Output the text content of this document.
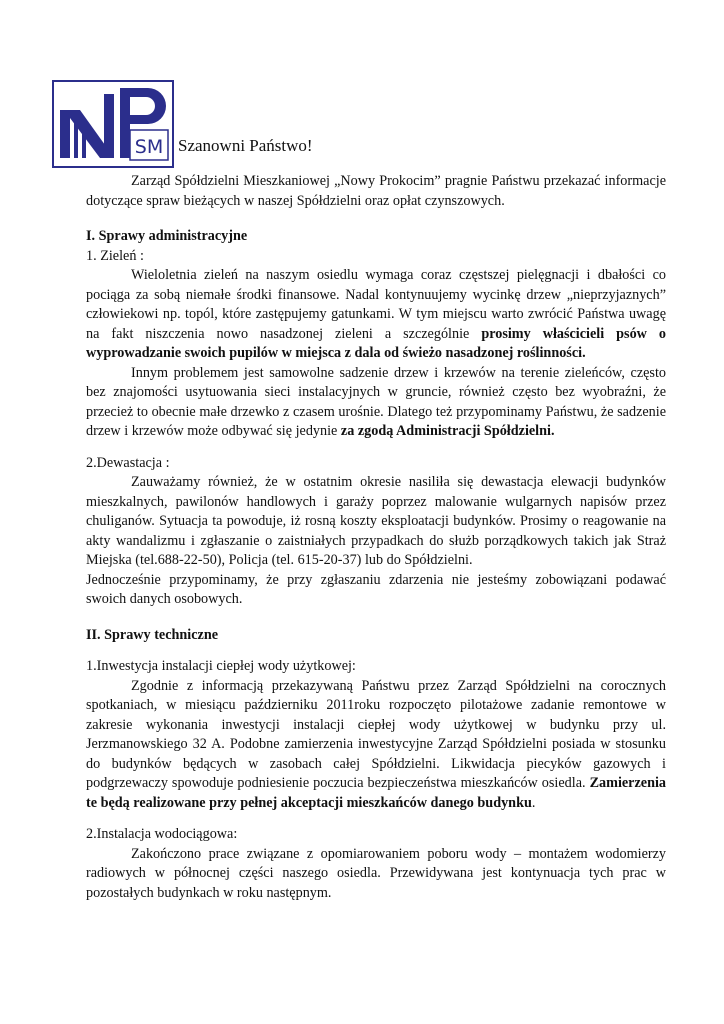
SM Szanowni Państwo!

Zarząd Spółdzielni Mieszkaniowej „Nowy Prokocim” pragnie Państwu przekazać informacje dotyczące spraw bieżących w naszej Spółdzielni oraz opłat czynszowych.

I. Sprawy administracyjne

1. Zieleń :

Wieloletnia zieleń na naszym osiedlu wymaga coraz częstszej pielęgnacji i dbałości co pociąga za sobą niemałe środki finansowe. Nadal kontynuujemy wycinkę drzew „nieprzyjaznych” człowiekowi np. topól, które zastępujemy gatunkami. W tym miejscu warto zwrócić Państwa uwagę na fakt niszczenia nowo nasadzonej zieleni a szczególnie prosimy właścicieli psów o wyprowadzanie swoich pupilów w miejsca z dala od świeżo nasadzonej roślinności.

Innym problemem jest samowolne sadzenie drzew i krzewów na terenie zieleńców, często bez znajomości usytuowania sieci instalacyjnych w gruncie, również często bez wyobraźni, że przecież to obecnie małe drzewko z czasem urośnie. Dlatego też przypominamy Państwu, że sadzenie drzew i krzewów może odbywać się jedynie za zgodą Administracji Spółdzielni.

2.Dewastacja :

Zauważamy również, że w ostatnim okresie nasiliła się dewastacja elewacji budynków mieszkalnych, pawilonów handlowych i garaży poprzez malowanie wulgarnych napisów przez chuliganów. Sytuacja ta powoduje, iż rosną koszty eksploatacji budynków. Prosimy o reagowanie na akty wandalizmu i zgłaszanie o zaistniałych przypadkach do służb porządkowych takich jak Straż Miejska (tel.688-22-50), Policja (tel. 615-20-37) lub do Spółdzielni.

Jednocześnie przypominamy, że przy zgłaszaniu zdarzenia nie jesteśmy zobowiązani podawać swoich danych osobowych.

II. Sprawy techniczne

1.Inwestycja instalacji ciepłej wody użytkowej:

Zgodnie z informacją przekazywaną Państwu przez Zarząd Spółdzielni na corocznych spotkaniach, w miesiącu październiku 2011roku rozpoczęto pilotażowe zadanie remontowe w zakresie wykonania inwestycji instalacji ciepłej wody użytkowej w budynku przy ul. Jerzmanowskiego 32 A. Podobne zamierzenia inwestycyjne Zarząd Spółdzielni posiada w stosunku do budynków będących w zasobach całej Spółdzielni. Likwidacja piecyków gazowych i podgrzewaczy spowoduje podniesienie poczucia bezpieczeństwa mieszkańców osiedla. Zamierzenia te będą realizowane przy pełnej akceptacji mieszkańców danego budynku.

2.Instalacja wodociągowa:

Zakończono prace związane z opomiarowaniem poboru wody – montażem wodomierzy radiowych w północnej części naszego osiedla. Przewidywana jest kontynuacja tych prac w pozostałych budynkach w roku następnym.
